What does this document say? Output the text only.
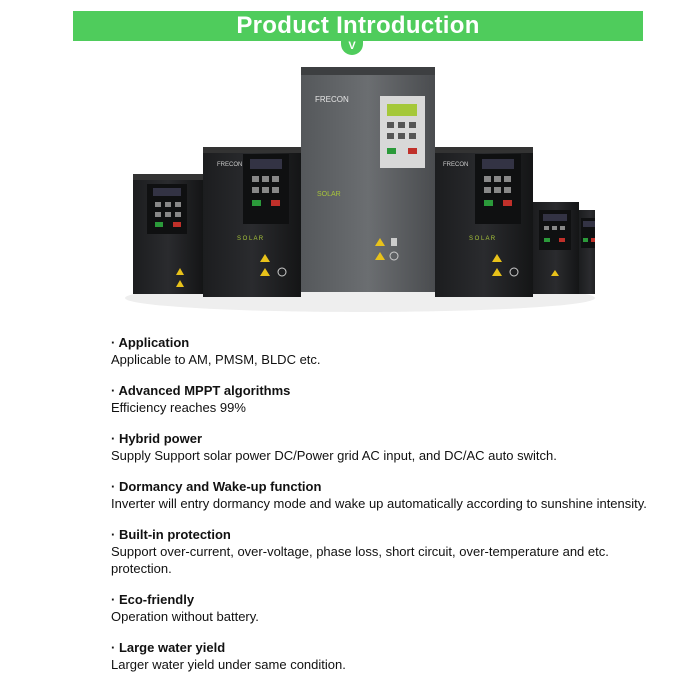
Product Introduction
V
FRECON
S O L A R
FRECON
SOLAR
FRECON
S O L A R
· Application
Applicable to AM, PMSM, BLDC etc.
· Advanced MPPT algorithms
Efficiency reaches 99%
· Hybrid power
Supply Support solar power DC/Power grid AC input, and DC/AC auto switch.
· Dormancy and Wake-up function
Inverter will entry dormancy mode and wake up automatically according to sunshine intensity.
· Built-in protection
Support over-current, over-voltage, phase loss, short circuit, over-temperature and etc. protection.
· Eco-friendly
Operation without battery.
· Large water yield
Larger water yield under same condition.
